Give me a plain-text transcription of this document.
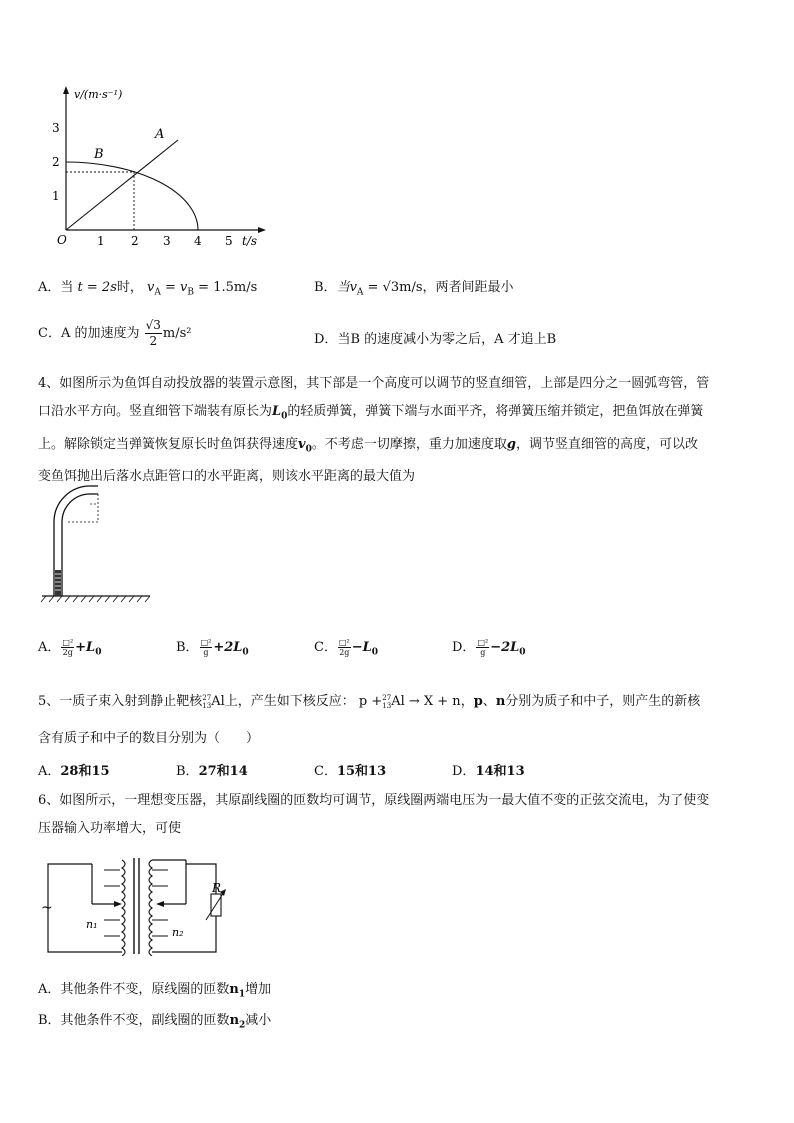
v/(m·s⁻¹)
t/s
O	1 2 3 4 5
1
2
3	A
B
A．当 t = 2s时， $v_A = v_B = 1.5m/s$	B．当$v_A = √3m/s$，两者间距最小
C．A 的加速度为 $\frac{√3}{2} m/s^2$	D．当B 的速度减小为零之后，A 才追上B
4、如图所示为鱼饵自动投放器的装置示意图，其下部是一个高度可以调节的竖直细管，上部是四分之一圆弧弯管，管
口沿水平方向。竖直细管下端装有原长为$L_0$的轻质弹簧，弹簧下端与水面平齐，将弹簧压缩并锁定，把鱼饵放在弹簧
上。解除锁定当弹簧恢复原长时鱼饵获得速度$v_0$。不考虑一切摩擦，重力加速度取g，调节竖直细管的高度，可以改
变鱼饵抛出后落水点距管口的水平距离，则该水平距离的最大值为
A． $\frac{\text{□²}}{2g} +L_0$	B． $\frac{\text{□²}}{g} +2L_0$	C． $\frac{\text{□²}}{2g} -L_0$	D． $\frac{\text{□²}}{g} -2L_0$
5、一质子束入射到静止靶核 27
13 Al上，产生如下核反应： p + 27
13 Al → X + n，p、n分别为质子和中子，则产生的新核
含有质子和中子的数目分别为（　　）
A．28和15	B．27和14	C．15和13	D．14和13
6、如图所示，一理想变压器，其原副线圈的匝数均可调节，原线圈两端电压为一最大值不变的正弦交流电，为了使变
压器输入功率增大，可使
~
n₁
n₂
R
A．其他条件不变，原线圈的匝数$n_1$增加
B．其他条件不变，副线圈的匝数$n_2$减小
